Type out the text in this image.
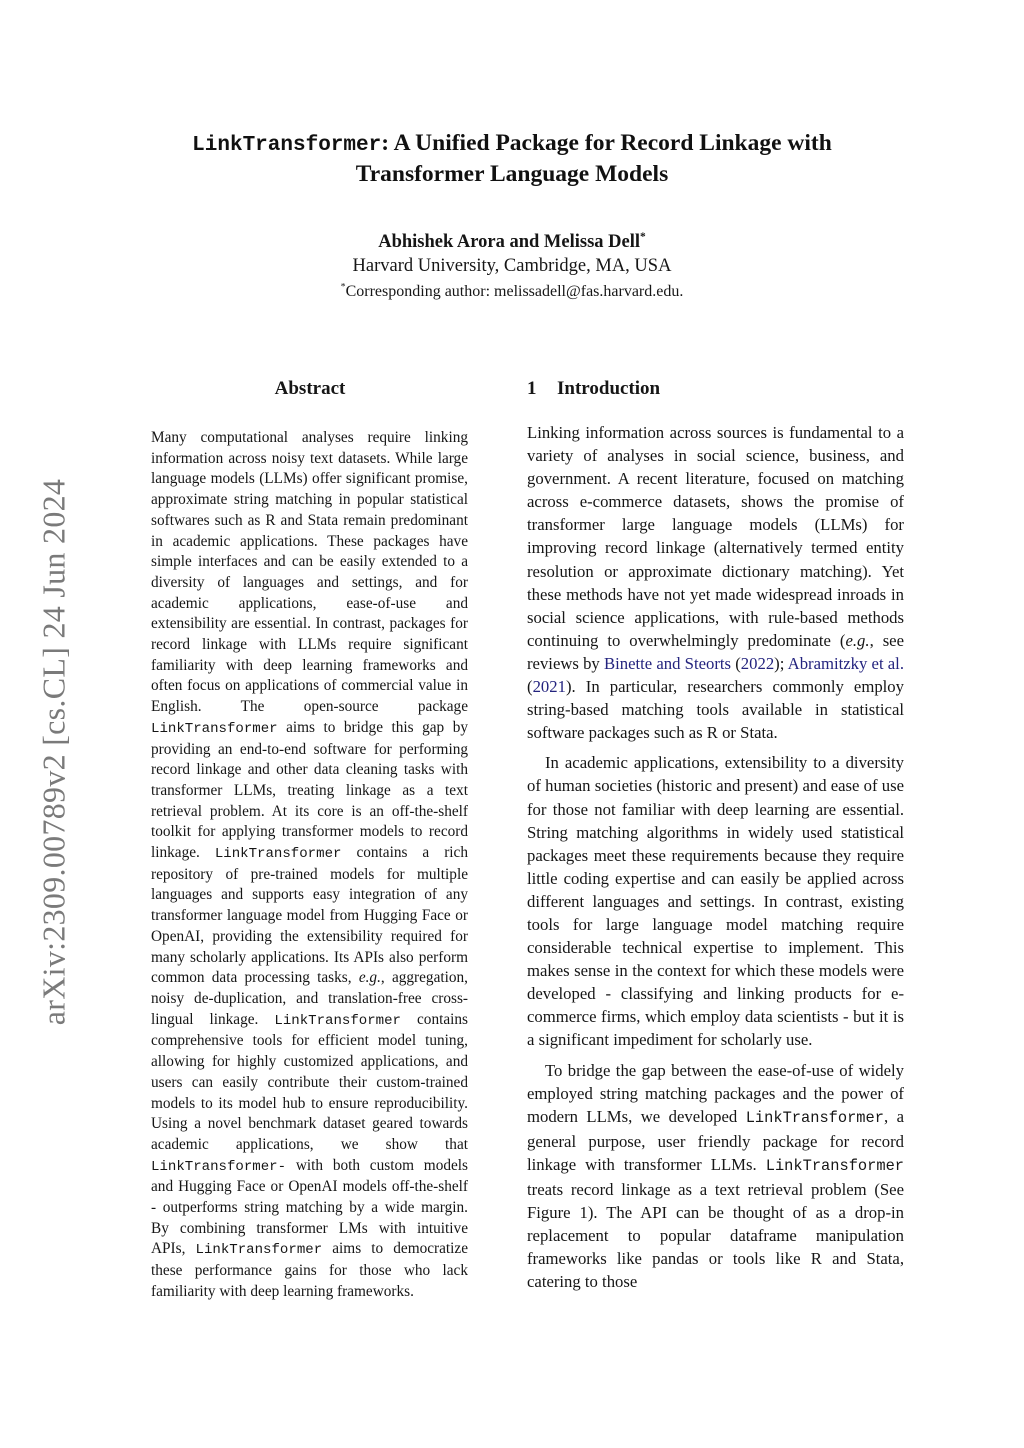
arXiv:2309.00789v2 [cs.CL] 24 Jun 2024
LinkTransformer: A Unified Package for Record Linkage with
Transformer Language Models
Abhishek Arora and Melissa Dell*
Harvard University, Cambridge, MA, USA
*Corresponding author: melissadell@fas.harvard.edu.
Abstract

Many computational analyses require linking information across noisy text datasets. While large language models (LLMs) offer significant promise, approximate string matching in popular statistical softwares such as R and Stata remain predominant in academic applications. These packages have simple interfaces and can be easily extended to a diversity of languages and settings, and for academic applications, ease-of-use and extensibility are essential. In contrast, packages for record linkage with LLMs require significant familiarity with deep learning frameworks and often focus on applications of commercial value in English. The open-source package LinkTransformer aims to bridge this gap by providing an end-to-end software for performing record linkage and other data cleaning tasks with transformer LLMs, treating linkage as a text retrieval problem. At its core is an off-the-shelf toolkit for applying transformer models to record linkage. LinkTransformer contains a rich repository of pre-trained models for multiple languages and supports easy integration of any transformer language model from Hugging Face or OpenAI, providing the extensibility required for many scholarly applications. Its APIs also perform common data processing tasks, e.g., aggregation, noisy de-duplication, and translation-free cross-lingual linkage. LinkTransformer contains comprehensive tools for efficient model tuning, allowing for highly customized applications, and users can easily contribute their custom-trained models to its model hub to ensure reproducibility. Using a novel benchmark dataset geared towards academic applications, we show that LinkTransformer- with both custom models and Hugging Face or OpenAI models off-the-shelf - outperforms string matching by a wide margin. By combining transformer LMs with intuitive APIs, LinkTransformer aims to democratize these performance gains for those who lack familiarity with deep learning frameworks.

1 Introduction

Linking information across sources is fundamental to a variety of analyses in social science, business, and government. A recent literature, focused on matching across e-commerce datasets, shows the promise of transformer large language models (LLMs) for improving record linkage (alternatively termed entity resolution or approximate dictionary matching). Yet these methods have not yet made widespread inroads in social science applications, with rule-based methods continuing to overwhelmingly predominate (e.g., see reviews by Binette and Steorts (2022); Abramitzky et al. (2021). In particular, researchers commonly employ string-based matching tools available in statistical software packages such as R or Stata.

In academic applications, extensibility to a diversity of human societies (historic and present) and ease of use for those not familiar with deep learning are essential. String matching algorithms in widely used statistical packages meet these requirements because they require little coding expertise and can easily be applied across different languages and settings. In contrast, existing tools for large language model matching require considerable technical expertise to implement. This makes sense in the context for which these models were developed - classifying and linking products for e-commerce firms, which employ data scientists - but it is a significant impediment for scholarly use.

To bridge the gap between the ease-of-use of widely employed string matching packages and the power of modern LLMs, we developed LinkTransformer, a general purpose, user friendly package for record linkage with transformer LLMs. LinkTransformer treats record linkage as a text retrieval problem (See Figure 1). The API can be thought of as a drop-in replacement to popular dataframe manipulation frameworks like pandas or tools like R and Stata, catering to those
